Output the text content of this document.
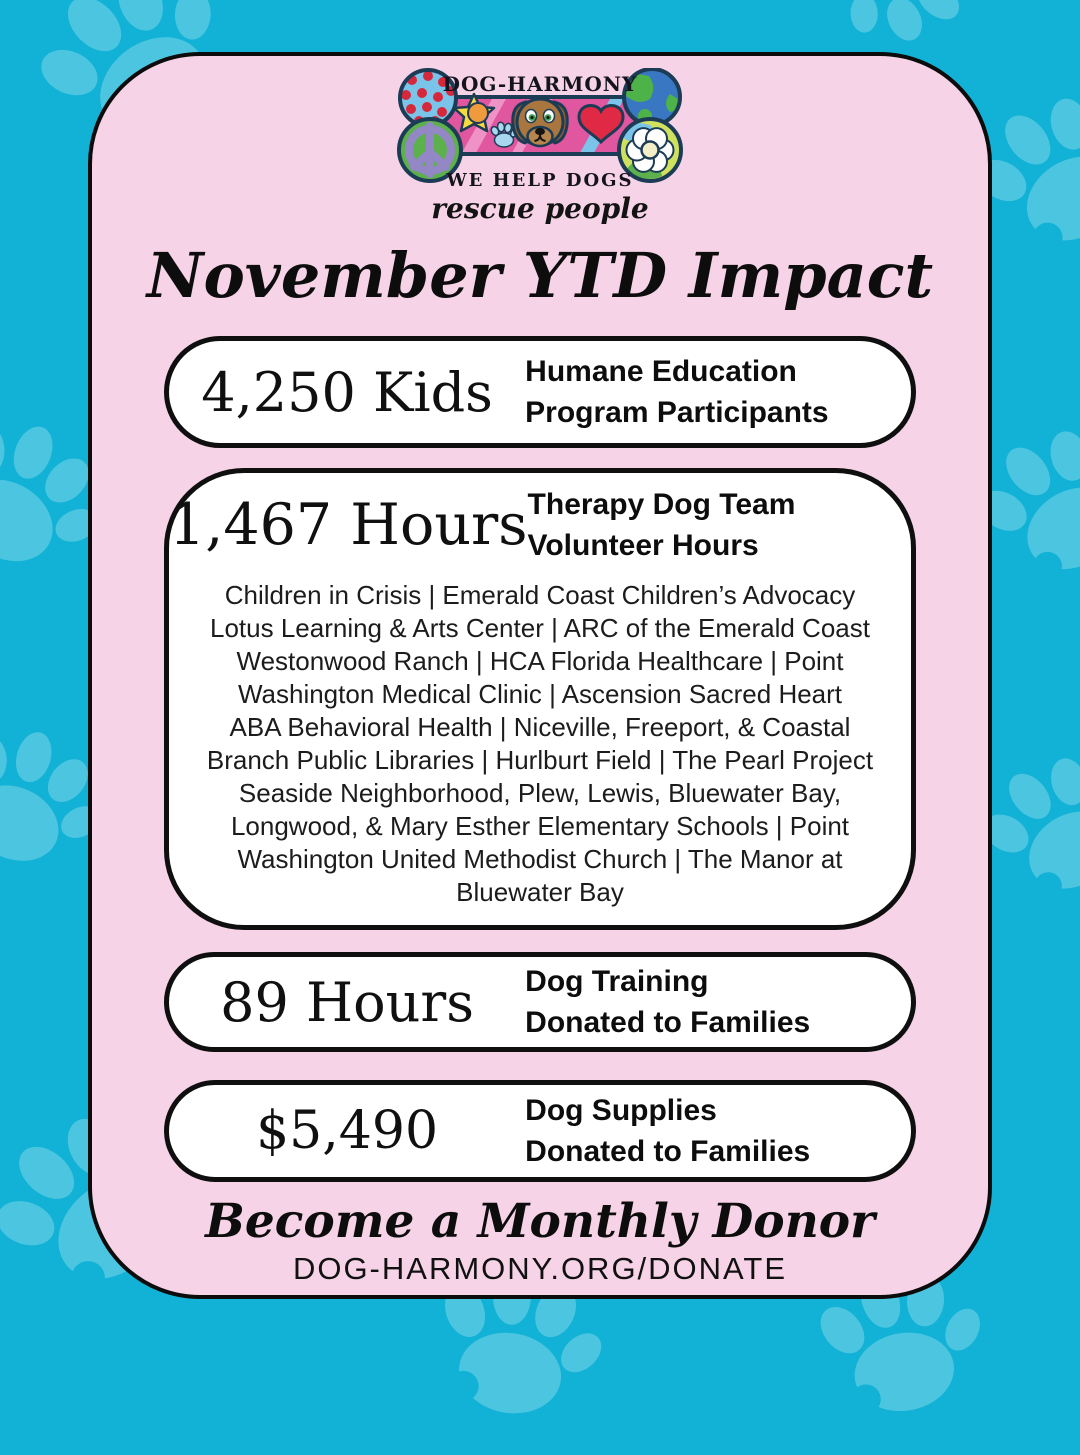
DOG-HARMONY
WE HELP DOGS
rescue people
November YTD Impact
4,250 Kids	Humane Education
Program Participants
1,467 Hours Therapy Dog Team
Volunteer Hours
Children in Crisis | Emerald Coast Children’s Advocacy
Lotus Learning & Arts Center | ARC of the Emerald Coast
Westonwood Ranch | HCA Florida Healthcare | Point
Washington Medical Clinic | Ascension Sacred Heart
ABA Behavioral Health | Niceville, Freeport, & Coastal
Branch Public Libraries | Hurlburt Field | The Pearl Project
Seaside Neighborhood, Plew, Lewis, Bluewater Bay,
Longwood, & Mary Esther Elementary Schools | Point
Washington United Methodist Church | The Manor at
Bluewater Bay
89 Hours	Dog Training
Donated to Families
$5,490	Dog Supplies
Donated to Families
Become a Monthly Donor
DOG-HARMONY.ORG/DONATE
